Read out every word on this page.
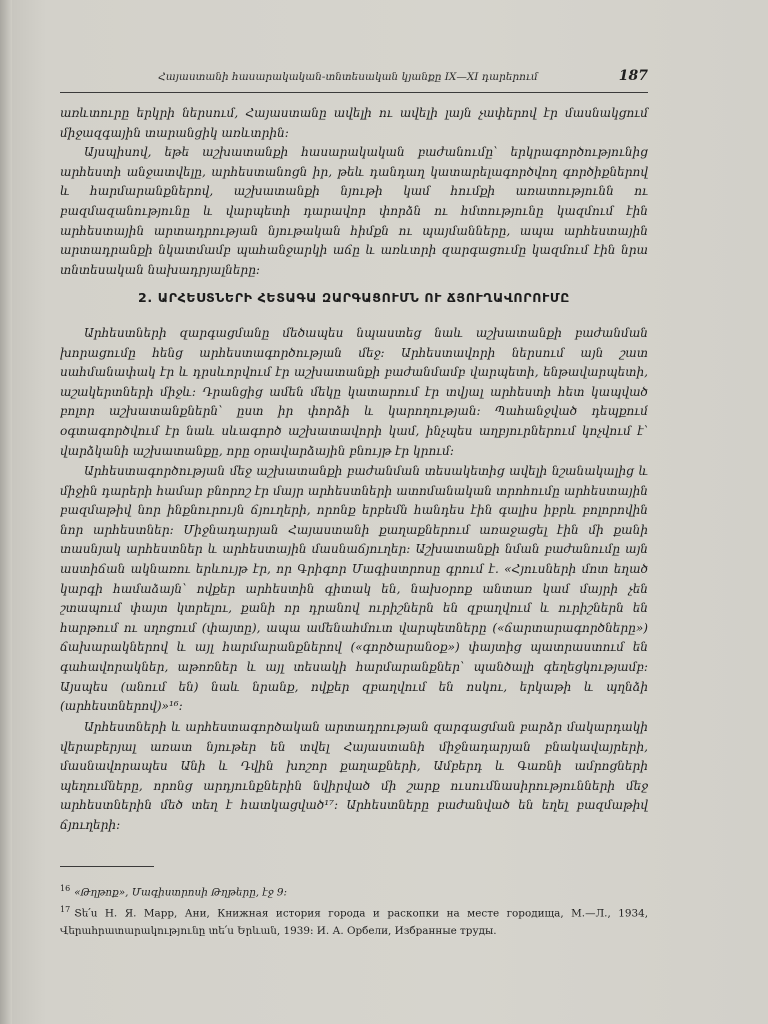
Հայաստանի հասարակական-տնտեսական կյանքը IX—XI դարերում	187

առևտուրը երկրի ներսում, Հայաստանը ավելի ու ավելի լայն չափերով էր մասնակցում միջազգային տարանցիկ առևտրին։

Այսպիսով, եթե աշխատանքի հասարակական բաժանումը՝ երկրագործությունից արհեստի անջատվելը, արհեստանոցն իր, թեև դանդաղ կատարելագործվող գործիքներով և հարմարանքներով, աշխատանքի նյութի կամ հումքի առատությունն ու բազմազանությունը և վարպետի դարավոր փորձն ու հմտությունը կազմում էին արհեստային արտադրության նյութական հիմքն ու պայմանները, ապա արհեստային արտադրանքի նկատմամբ պահանջարկի աճը և առևտրի զարգացումը կազմում էին նրա տնտեսական նախադրյալները։

2. ԱՐՀԵՍՏՆԵՐԻ ՀԵՏԱԳԱ ԶԱՐԳԱՑՈՒՄՆ ՈՒ ՃՅՈՒՂԱՎՈՐՈՒՄԸ

Արհեստների զարգացմանը մեծապես նպաստեց նաև աշխատանքի բաժանման խորացումը հենց արհեստագործության մեջ։ Արհեստավորի ներսում այն շատ սահմանափակ էր և դրսևորվում էր աշխատանքի բաժանմամբ վարպետի, ենթավարպետի, աշակերտների միջև։ Դրանցից ամեն մեկը կատարում էր տվյալ արհեստի հետ կապված բոլոր աշխատանքներն՝ ըստ իր փորձի և կարողության։ Պահանջված դեպքում օգտագործվում էր նաև սևագործ աշխատավորի կամ, ինչպես աղբյուրներում կոչվում է՝ վարձկանի աշխատանքը, որը օրավարձային բնույթ էր կրում։

Արհեստագործության մեջ աշխատանքի բաժանման տեսակետից ավելի նշանակալից և միջին դարերի համար բնորոշ էր մայր արհեստների ատոմանական տրոհումը արհեստային բազմաթիվ նոր ինքնուրույն ճյուղերի, որոնք երբեմն հանդես էին գալիս իբրև բոլորովին նոր արհեստներ։ Միջնադարյան Հայաստանի քաղաքներում առաջացել էին մի քանի տասնյակ արհեստներ և արհեստային մասնաճյուղեր։ Աշխատանքի նման բաժանումը այն աստիճան ակնառու երևույթ էր, որ Գրիգոր Մագիստրոսը գրում է. «Հյուսների մոտ եղած կարգի համաձայն՝ ովքեր արհեստին գիտակ են, նախօրոք անտառ կամ մայրի չեն շտապում փայտ կտրելու, քանի որ դրանով ուրիշներն են զբաղվում և ուրիշներն են հարթում ու սղոցում (փայտը), ապա ամենահմուտ վարպետները («ճարտարագործները») ճախարակներով և այլ հարմարանքներով («գործարանօք») փայտից պատրաստում են գահավորակներ, աթոռներ և այլ տեսակի հարմարանքներ՝ պանծալի գեղեցկությամբ։ Այսպես (անում են) նաև նրանք, ովքեր զբաղվում են ոսկու, երկաթի և պղնձի (արհեստներով)»¹⁶։

Արհեստների և արհեստագործական արտադրության զարգացման բարձր մակարդակի վերաբերյալ առատ նյութեր են տվել Հայաստանի միջնադարյան բնակավայրերի, մասնավորապես Անի և Դվին խոշոր քաղաքների, Ամբերդ և Գառնի ամրոցների պեղումները, որոնց արդյունքներին նվիրված մի շարք ուսումնասիրությունների մեջ արհեստներին մեծ տեղ է հատկացված¹⁷։ Արհեստները բաժանված են եղել բազմաթիվ ճյուղերի։

$^{16}$ «Թղթոք», Մագիստրոսի Թղթերը, էջ 9։

$^{17}$ Տե՛ս Н. Я. Марр, Ани, Книжная история города и раскопки на месте городища, М.—Л., 1934, Վերահրատարակությունը տե՛ս Երևան, 1939։ И. А. Орбели, Избранные труды.
